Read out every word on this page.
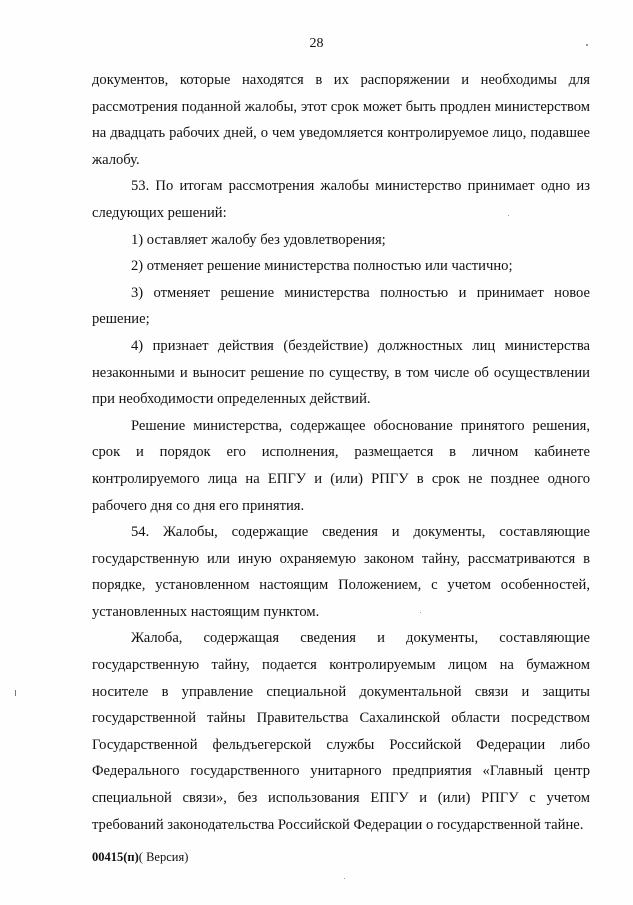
28

документов, которые находятся в их распоряжении и необходимы для рассмотрения поданной жалобы, этот срок может быть продлен министерством на двадцать рабочих дней, о чем уведомляется контролируемое лицо, подавшее жалобу.

53. По итогам рассмотрения жалобы министерство принимает одно из следующих решений:

1) оставляет жалобу без удовлетворения;

2) отменяет решение министерства полностью или частично;

3) отменяет решение министерства полностью и принимает новое решение;

4) признает действия (бездействие) должностных лиц министерства незаконными и выносит решение по существу, в том числе об осуществлении при необходимости определенных действий.

Решение министерства, содержащее обоснование принятого решения, срок и порядок его исполнения, размещается в личном кабинете контролируемого лица на ЕПГУ и (или) РПГУ в срок не позднее одного рабочего дня со дня его принятия.

54. Жалобы, содержащие сведения и документы, составляющие государственную или иную охраняемую законом тайну, рассматриваются в порядке, установленном настоящим Положением, с учетом особенностей, установленных настоящим пунктом.

Жалоба, содержащая сведения и документы, составляющие государственную тайну, подается контролируемым лицом на бумажном носителе в управление специальной документальной связи и защиты государственной тайны Правительства Сахалинской области посредством Государственной фельдъегерской службы Российской Федерации либо Федерального государственного унитарного предприятия «Главный центр специальной связи», без использования ЕПГУ и (или) РПГУ с учетом требований законодательства Российской Федерации о государственной тайне.

00415(п)( Версия)
